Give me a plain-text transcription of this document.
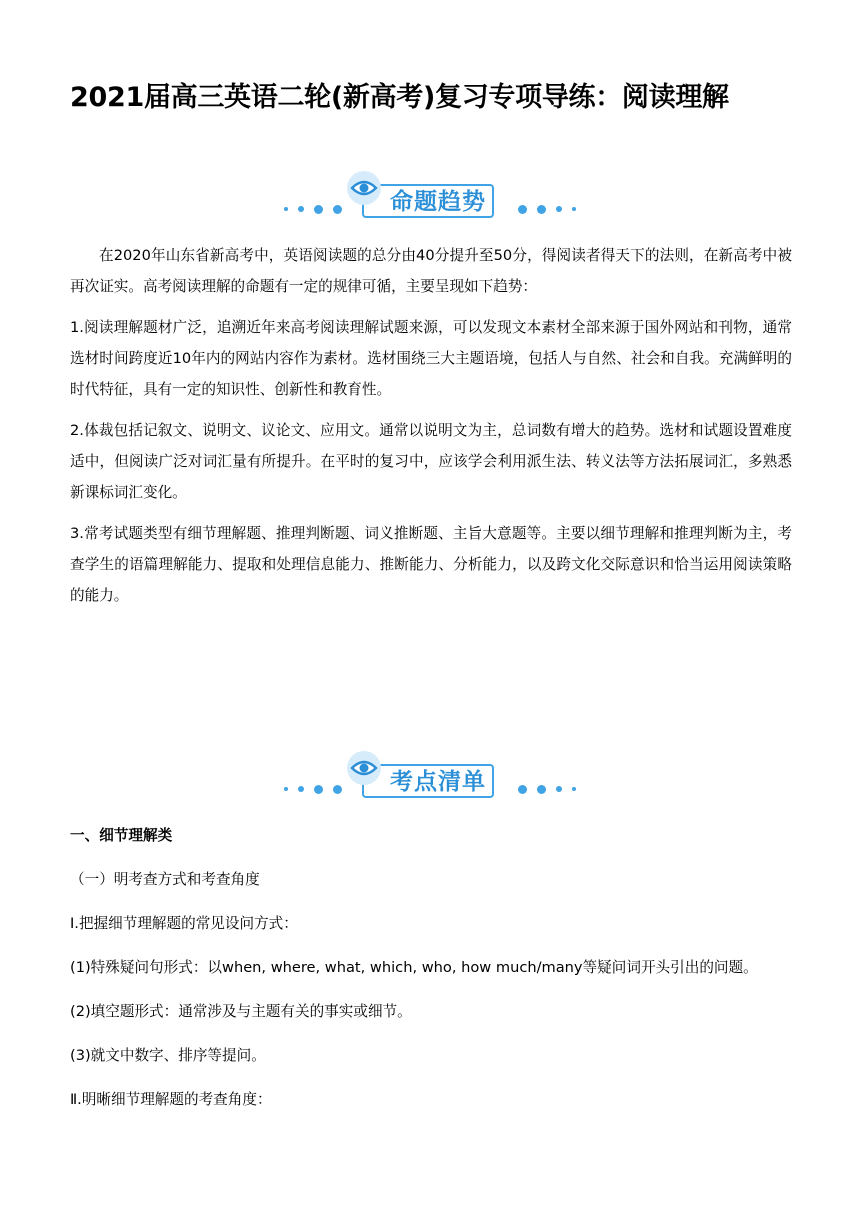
2021届高三英语二轮(新高考)复习专项导练：阅读理解
命题趋势

在2020年山东省新高考中，英语阅读题的总分由40分提升至50分，得阅读者得天下的法则，在新高考中被再次证实。高考阅读理解的命题有一定的规律可循，主要呈现如下趋势：

1.阅读理解题材广泛，追溯近年来高考阅读理解试题来源，可以发现文本素材全部来源于国外网站和刊物，通常选材时间跨度近10年内的网站内容作为素材。选材围绕三大主题语境，包括人与自然、社会和自我。充满鲜明的时代特征，具有一定的知识性、创新性和教育性。

2.体裁包括记叙文、说明文、议论文、应用文。通常以说明文为主，总词数有增大的趋势。选材和试题设置难度适中，但阅读广泛对词汇量有所提升。在平时的复习中，应该学会利用派生法、转义法等方法拓展词汇，多熟悉新课标词汇变化。

3.常考试题类型有细节理解题、推理判断题、词义推断题、主旨大意题等。主要以细节理解和推理判断为主，考查学生的语篇理解能力、提取和处理信息能力、推断能力、分析能力，以及跨文化交际意识和恰当运用阅读策略的能力。

考点清单

一、细节理解类

（一）明考查方式和考查角度

Ⅰ.把握细节理解题的常见设问方式：

(1)特殊疑问句形式：以when, where, what, which, who, how much/many等疑问词开头引出的问题。

(2)填空题形式：通常涉及与主题有关的事实或细节。

(3)就文中数字、排序等提问。

Ⅱ.明晰细节理解题的考查角度：
